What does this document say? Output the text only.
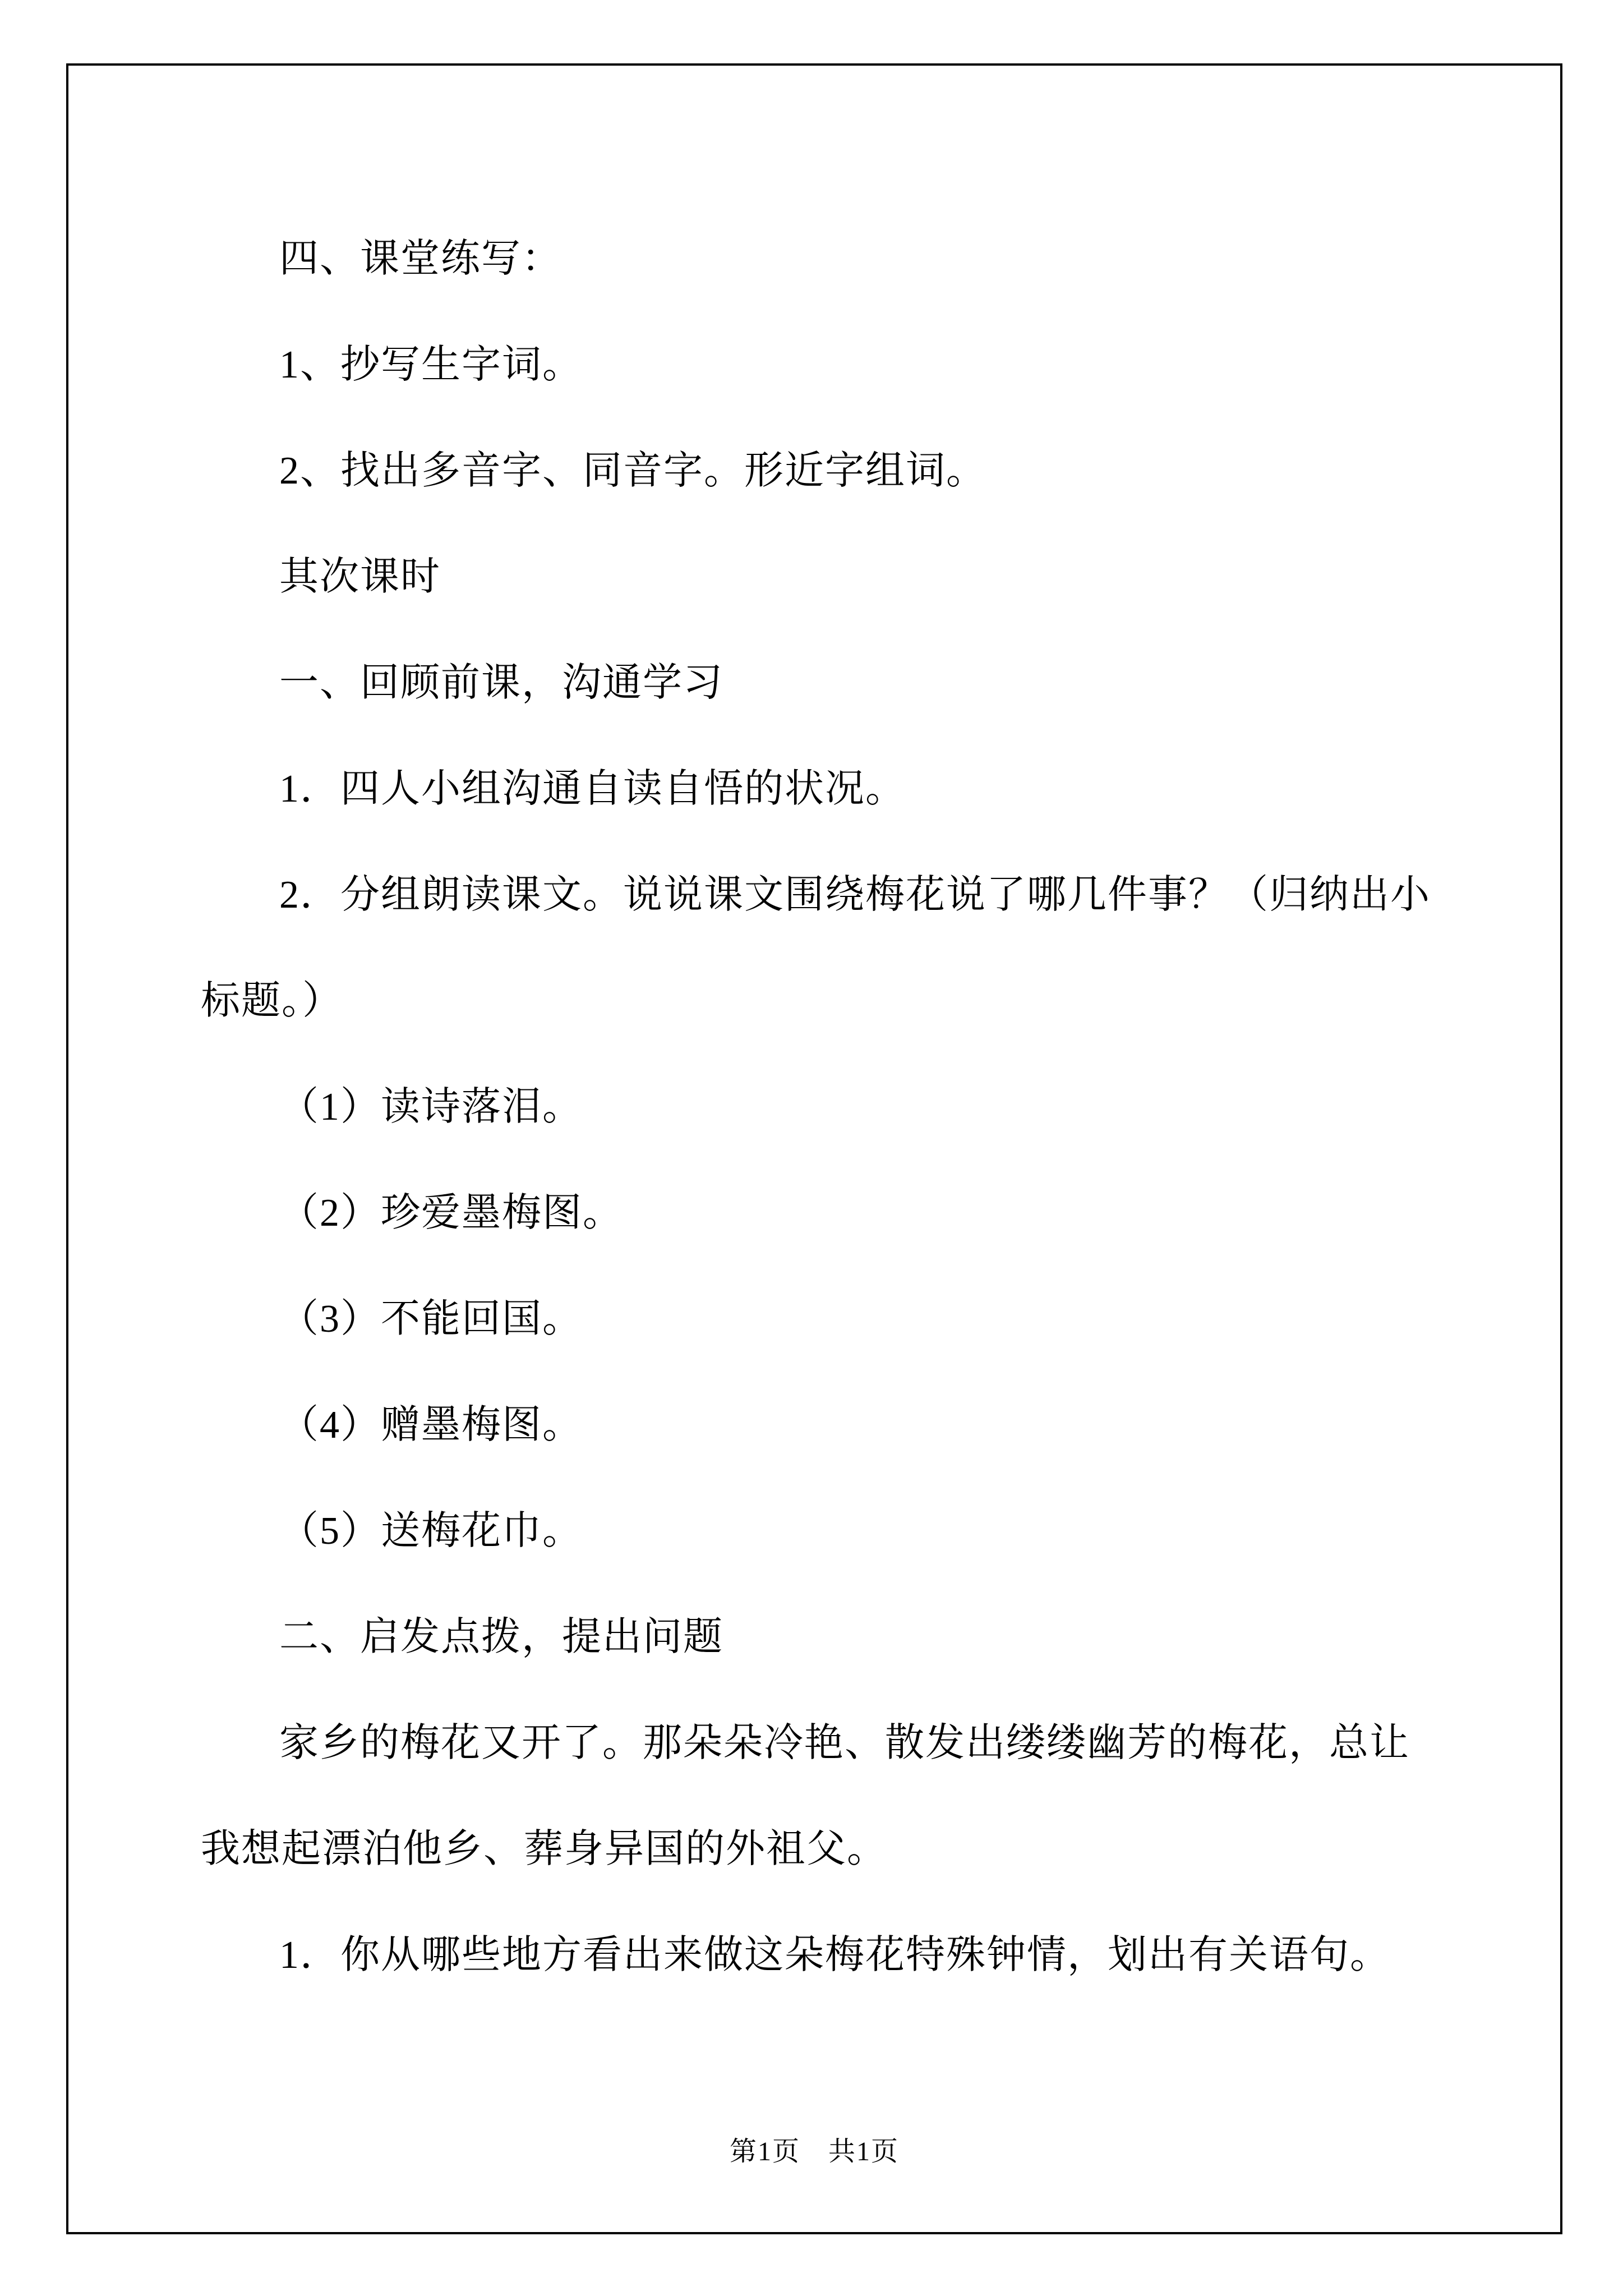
四、课堂练写：
1、抄写生字词。
2、找出多音字、同音字。形近字组词。
其次课时
一、回顾前课，沟通学习
1．四人小组沟通自读自悟的状况。
2．分组朗读课文。说说课文围绕梅花说了哪几件事？（归纳出小
标题。）
（1）读诗落泪。
（2）珍爱墨梅图。
（3）不能回国。
（4）赠墨梅图。
（5）送梅花巾。
二、启发点拨，提出问题
家乡的梅花又开了。那朵朵冷艳、散发出缕缕幽芳的梅花，总让
我想起漂泊他乡、葬身异国的外祖父。
1．你从哪些地方看出来做这朵梅花特殊钟情，划出有关语句。
第1页　共1页
